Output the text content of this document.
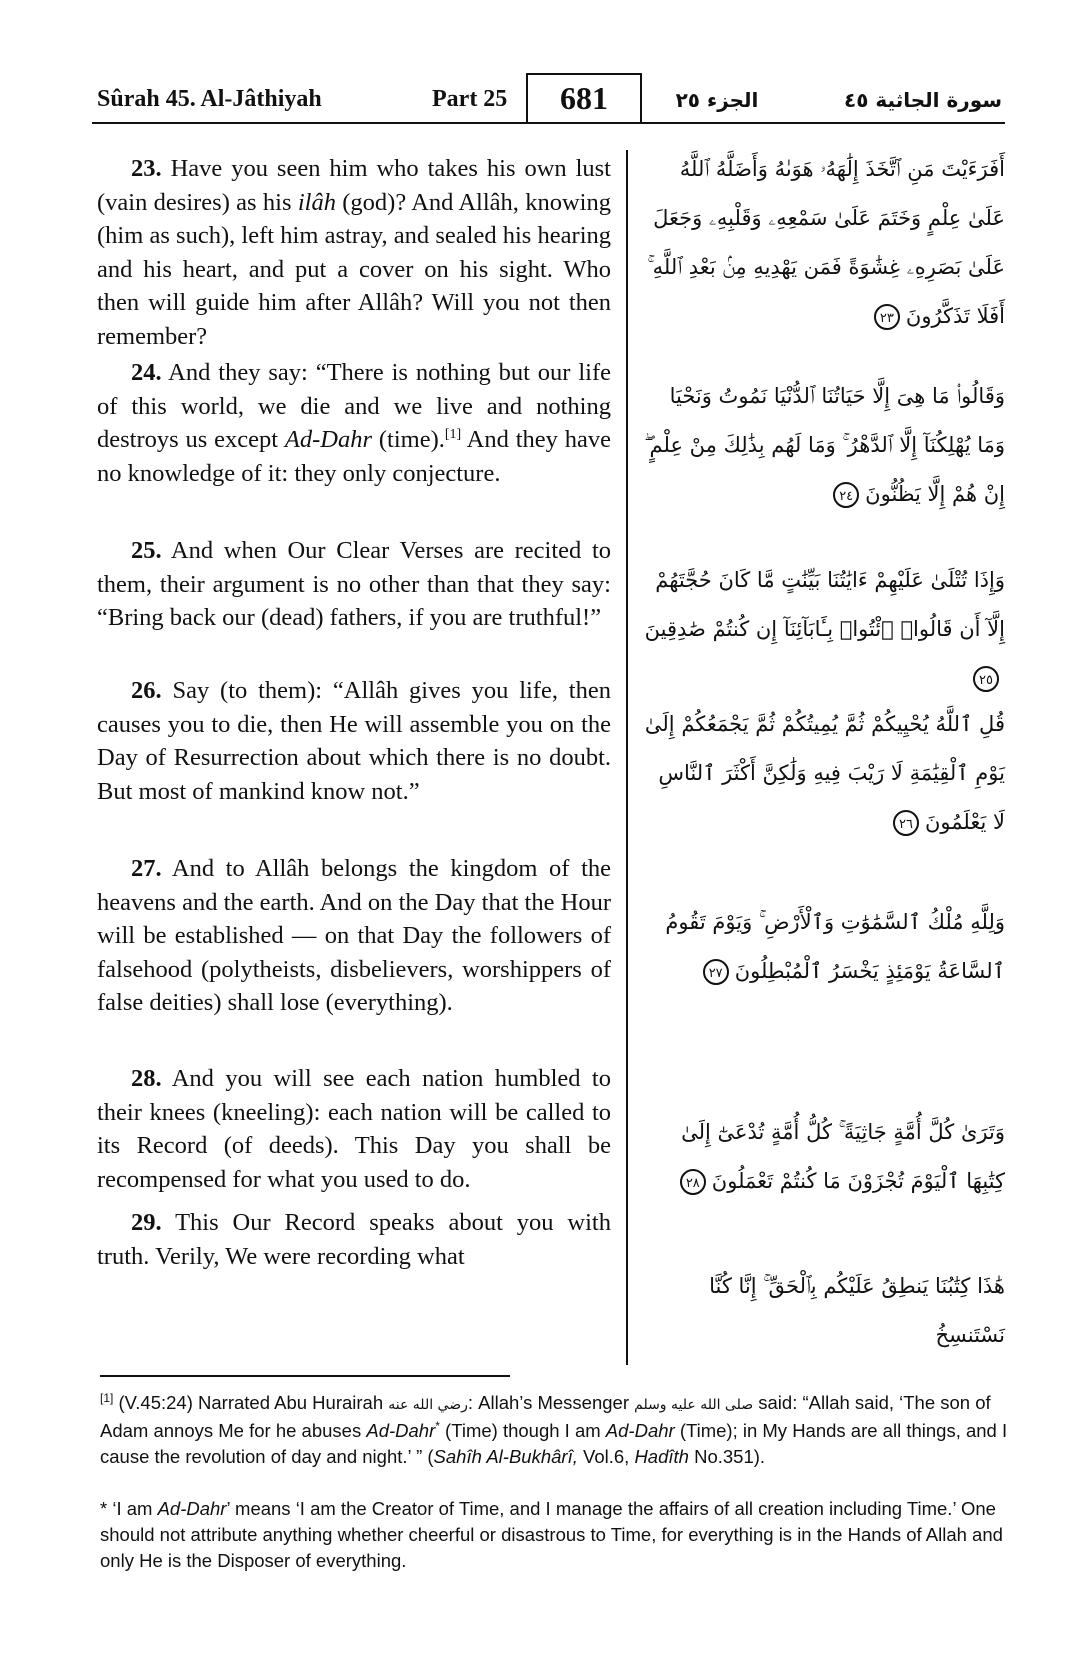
Sûrah 45. Al-Jâthiyah	Part 25	681	الجزء ٢٥	سورة الجاثية ٤٥
23. Have you seen him who takes his own lust (vain desires) as his ilâh (god)? And Allâh, knowing (him as such), left him astray, and sealed his hearing and his heart, and put a cover on his sight. Who then will guide him after Allâh? Will you not then remember?
أَفَرَءَيْتَ مَنِ ٱتَّخَذَ إِلَٰهَهُۥ هَوَىٰهُ وَأَضَلَّهُ ٱللَّهُ عَلَىٰ عِلْمٍ وَخَتَمَ عَلَىٰ سَمْعِهِۦ وَقَلْبِهِۦ وَجَعَلَ عَلَىٰ بَصَرِهِۦ غِشَٰوَةً فَمَن يَهْدِيهِ مِنۢ بَعْدِ ٱللَّهِ ۚ أَفَلَا تَذَكَّرُونَ٢٣
24. And they say: “There is nothing but our life of this world, we die and we live and nothing destroys us except Ad-Dahr (time).[1] And they have no knowledge of it: they only conjecture.
وَقَالُوا۟ مَا هِىَ إِلَّا حَيَاتُنَا ٱلدُّنْيَا نَمُوتُ وَنَحْيَا وَمَا يُهْلِكُنَآ إِلَّا ٱلدَّهْرُ ۚ وَمَا لَهُم بِذَٰلِكَ مِنْ عِلْمٍ ۖ إِنْ هُمْ إِلَّا يَظُنُّونَ٢٤
25. And when Our Clear Verses are recited to them, their argument is no other than that they say: “Bring back our (dead) fathers, if you are truthful!”
وَإِذَا تُتْلَىٰ عَلَيْهِمْ ءَايَٰتُنَا بَيِّنَٰتٍ مَّا كَانَ حُجَّتَهُمْ إِلَّآ أَن قَالُوا۟ ٱئْتُوا۟ بِـَٔابَآئِنَآ إِن كُنتُمْ صَٰدِقِينَ٢٥
26. Say (to them): “Allâh gives you life, then causes you to die, then He will assemble you on the Day of Resurrection about which there is no doubt. But most of mankind know not.”
قُلِ ٱللَّهُ يُحْيِيكُمْ ثُمَّ يُمِيتُكُمْ ثُمَّ يَجْمَعُكُمْ إِلَىٰ يَوْمِ ٱلْقِيَٰمَةِ لَا رَيْبَ فِيهِ وَلَٰكِنَّ أَكْثَرَ ٱلنَّاسِ لَا يَعْلَمُونَ٢٦
27. And to Allâh belongs the kingdom of the heavens and the earth. And on the Day that the Hour will be established — on that Day the followers of falsehood (polytheists, disbelievers, worshippers of false deities) shall lose (everything).
وَلِلَّهِ مُلْكُ ٱلسَّمَٰوَٰتِ وَٱلْأَرْضِ ۚ وَيَوْمَ تَقُومُ ٱلسَّاعَةُ يَوْمَئِذٍ يَخْسَرُ ٱلْمُبْطِلُونَ٢٧
28. And you will see each nation humbled to their knees (kneeling): each nation will be called to its Record (of deeds). This Day you shall be recompensed for what you used to do.
وَتَرَىٰ كُلَّ أُمَّةٍ جَاثِيَةً ۚ كُلُّ أُمَّةٍ تُدْعَىٰٓ إِلَىٰ كِتَٰبِهَا ٱلْيَوْمَ تُجْزَوْنَ مَا كُنتُمْ تَعْمَلُونَ٢٨
29. This Our Record speaks about you with truth. Verily, We were recording what
هَٰذَا كِتَٰبُنَا يَنطِقُ عَلَيْكُم بِٱلْحَقِّ ۚ إِنَّا كُنَّا نَسْتَنسِخُ
[1] (V.45:24) Narrated Abu Hurairah رضي الله عنه: Allah’s Messenger صلى الله عليه وسلم said: “Allah said, ‘The son of Adam annoys Me for he abuses Ad-Dahr* (Time) though I am Ad-Dahr (Time); in My Hands are all things, and I cause the revolution of day and night.’ ” (Sahîh Al-Bukhârî, Vol.6, Hadîth No.351).
* ‘I am Ad-Dahr’ means ‘I am the Creator of Time, and I manage the affairs of all creation including Time.’ One should not attribute anything whether cheerful or disastrous to Time, for everything is in the Hands of Allah and only He is the Disposer of everything.
